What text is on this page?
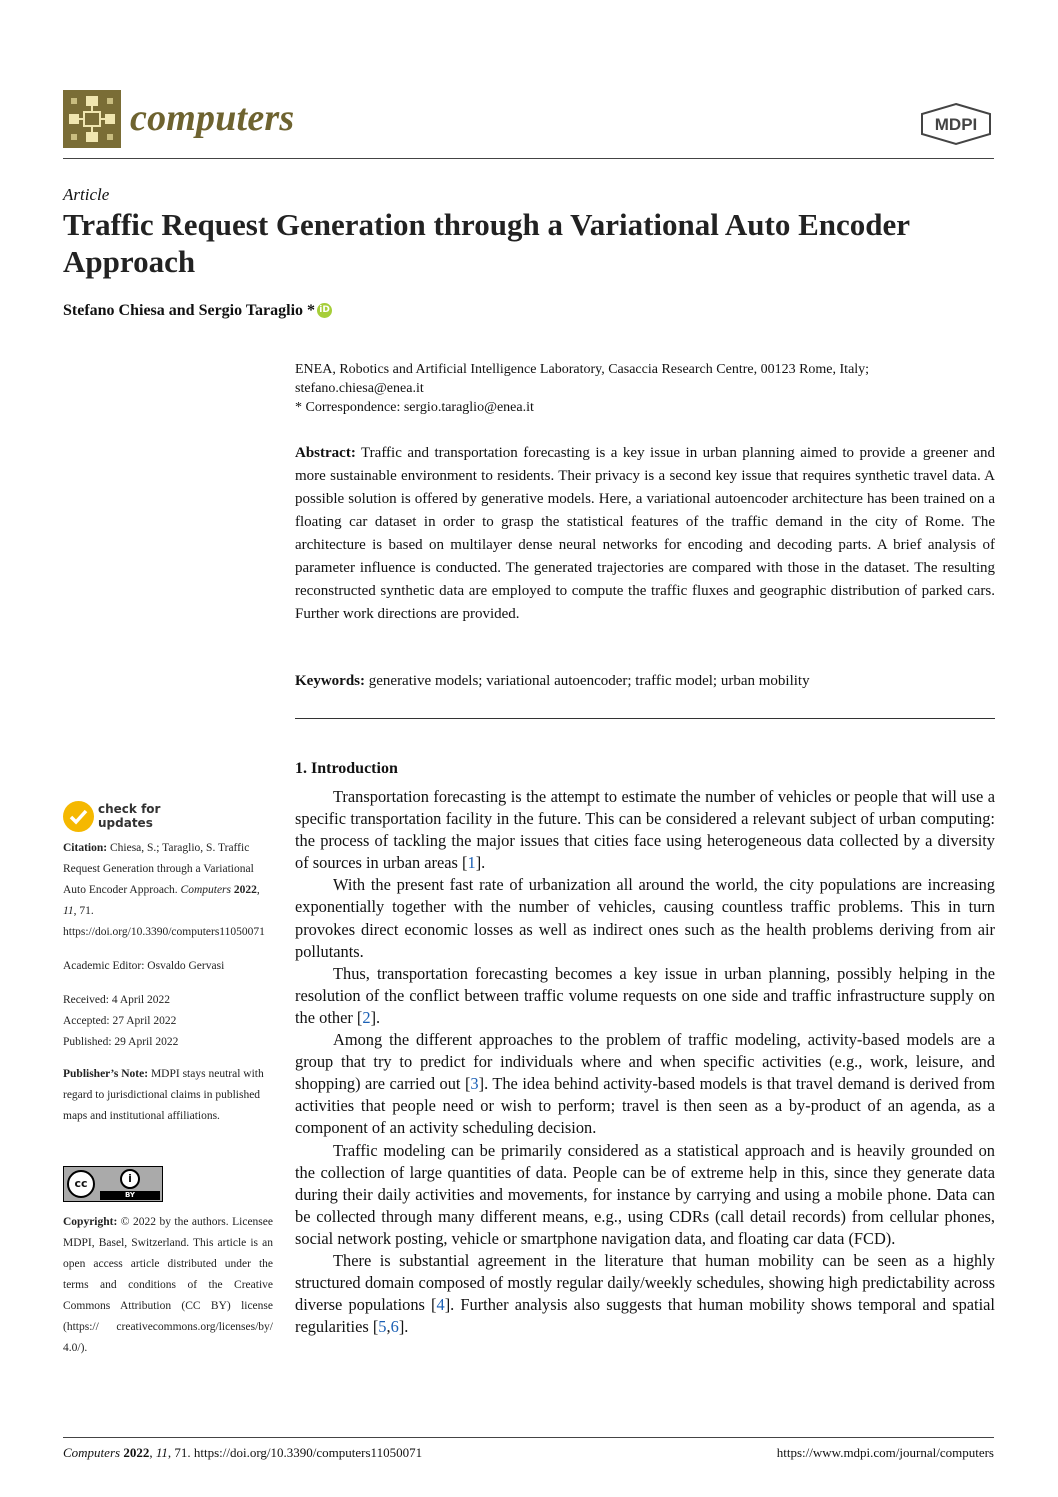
computers	MDPI
Article
Traffic Request Generation through a Variational Auto Encoder Approach
Stefano Chiesa and Sergio Taraglio * iD
ENEA, Robotics and Artificial Intelligence Laboratory, Casaccia Research Centre, 00123 Rome, Italy;
stefano.chiesa@enea.it
* Correspondence: sergio.taraglio@enea.it
Abstract: Traffic and transportation forecasting is a key issue in urban planning aimed to provide a greener and more sustainable environment to residents. Their privacy is a second key issue that requires synthetic travel data. A possible solution is offered by generative models. Here, a variational autoencoder architecture has been trained on a floating car dataset in order to grasp the statistical features of the traffic demand in the city of Rome. The architecture is based on multilayer dense neural networks for encoding and decoding parts. A brief analysis of parameter influence is conducted. The generated trajectories are compared with those in the dataset. The resulting reconstructed synthetic data are employed to compute the traffic fluxes and geographic distribution of parked cars. Further work directions are provided.
Keywords: generative models; variational autoencoder; traffic model; urban mobility
check for
updates
Citation: Chiesa, S.; Taraglio, S. Traffic Request Generation through a Variational Auto Encoder Approach. Computers 2022, 11, 71. https://doi.org/10.3390/computers11050071
Academic Editor: Osvaldo Gervasi
Received: 4 April 2022
Accepted: 27 April 2022
Published: 29 April 2022
Publisher’s Note: MDPI stays neutral with regard to jurisdictional claims in published maps and institutional affiliations.
cc	i
BY
Copyright: © 2022 by the authors. Licensee MDPI, Basel, Switzerland. This article is an open access article distributed under the terms and conditions of the Creative Commons Attribution (CC BY) license (https:// creativecommons.org/licenses/by/ 4.0/).
1. Introduction

Transportation forecasting is the attempt to estimate the number of vehicles or people that will use a specific transportation facility in the future. This can be considered a relevant subject of urban computing: the process of tackling the major issues that cities face using heterogeneous data collected by a diversity of sources in urban areas [1].

With the present fast rate of urbanization all around the world, the city populations are increasing exponentially together with the number of vehicles, causing countless traffic problems. This in turn provokes direct economic losses as well as indirect ones such as the health problems deriving from air pollutants.

Thus, transportation forecasting becomes a key issue in urban planning, possibly helping in the resolution of the conflict between traffic volume requests on one side and traffic infrastructure supply on the other [2].

Among the different approaches to the problem of traffic modeling, activity-based models are a group that try to predict for individuals where and when specific activities (e.g., work, leisure, and shopping) are carried out [3]. The idea behind activity-based models is that travel demand is derived from activities that people need or wish to perform; travel is then seen as a by-product of an agenda, as a component of an activity scheduling decision.

Traffic modeling can be primarily considered as a statistical approach and is heavily grounded on the collection of large quantities of data. People can be of extreme help in this, since they generate data during their daily activities and movements, for instance by carrying and using a mobile phone. Data can be collected through many different means, e.g., using CDRs (call detail records) from cellular phones, social network posting, vehicle or smartphone navigation data, and floating car data (FCD).

There is substantial agreement in the literature that human mobility can be seen as a highly structured domain composed of mostly regular daily/weekly schedules, showing high predictability across diverse populations [4]. Further analysis also suggests that human mobility shows temporal and spatial regularities [5,6].

Computers 2022, 11, 71. https://doi.org/10.3390/computers11050071	https://www.mdpi.com/journal/computers
